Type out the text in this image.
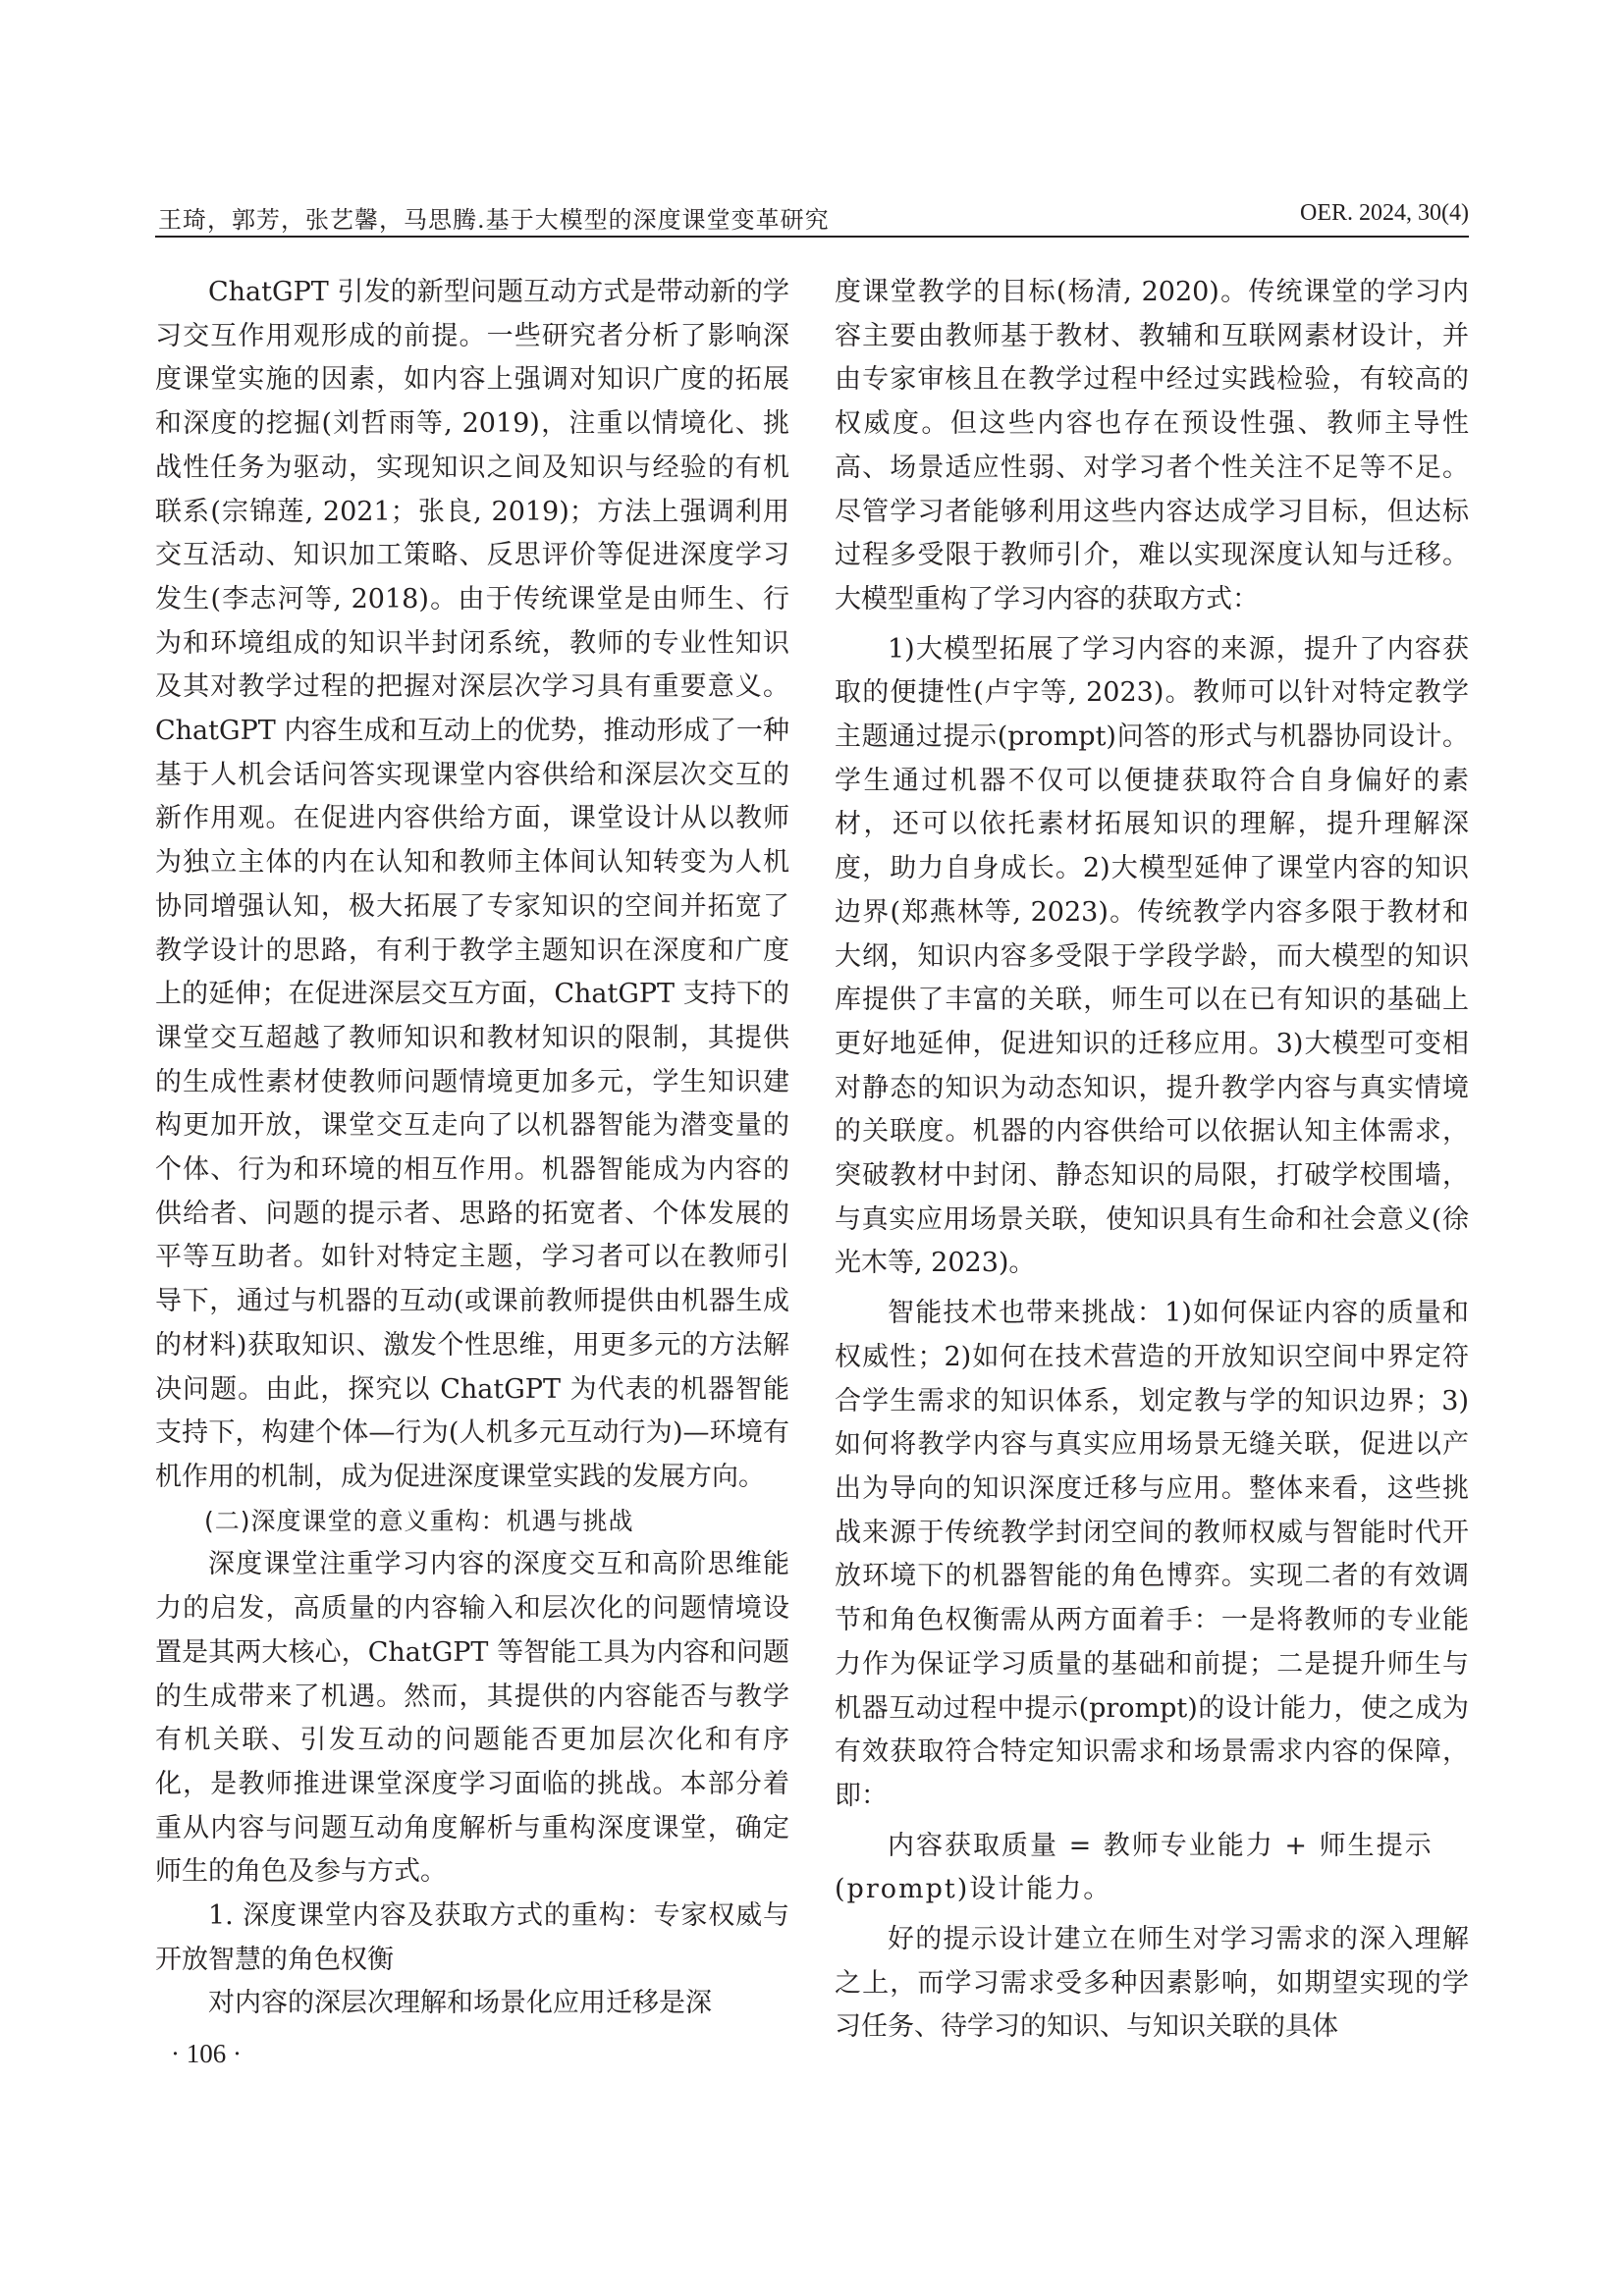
王琦，郭芳，张艺馨，马思腾.基于大模型的深度课堂变革研究	OER. 2024, 30(4)

ChatGPT 引发的新型问题互动方式是带动新的学习交互作用观形成的前提。一些研究者分析了影响深度课堂实施的因素，如内容上强调对知识广度的拓展和深度的挖掘(刘哲雨等, 2019)，注重以情境化、挑战性任务为驱动，实现知识之间及知识与经验的有机联系(宗锦莲, 2021；张良, 2019)；方法上强调利用交互活动、知识加工策略、反思评价等促进深度学习发生(李志河等, 2018)。由于传统课堂是由师生、行为和环境组成的知识半封闭系统，教师的专业性知识及其对教学过程的把握对深层次学习具有重要意义。ChatGPT 内容生成和互动上的优势，推动形成了一种基于人机会话问答实现课堂内容供给和深层次交互的新作用观。在促进内容供给方面，课堂设计从以教师为独立主体的内在认知和教师主体间认知转变为人机协同增强认知，极大拓展了专家知识的空间并拓宽了教学设计的思路，有利于教学主题知识在深度和广度上的延伸；在促进深层交互方面，ChatGPT 支持下的课堂交互超越了教师知识和教材知识的限制，其提供的生成性素材使教师问题情境更加多元，学生知识建构更加开放，课堂交互走向了以机器智能为潜变量的个体、行为和环境的相互作用。机器智能成为内容的供给者、问题的提示者、思路的拓宽者、个体发展的平等互助者。如针对特定主题，学习者可以在教师引导下，通过与机器的互动(或课前教师提供由机器生成的材料)获取知识、激发个性思维，用更多元的方法解决问题。由此，探究以 ChatGPT 为代表的机器智能支持下，构建个体—行为(人机多元互动行为)—环境有机作用的机制，成为促进深度课堂实践的发展方向。

(二)深度课堂的意义重构：机遇与挑战

深度课堂注重学习内容的深度交互和高阶思维能力的启发，高质量的内容输入和层次化的问题情境设置是其两大核心，ChatGPT 等智能工具为内容和问题的生成带来了机遇。然而，其提供的内容能否与教学有机关联、引发互动的问题能否更加层次化和有序化，是教师推进课堂深度学习面临的挑战。本部分着重从内容与问题互动角度解析与重构深度课堂，确定师生的角色及参与方式。

1. 深度课堂内容及获取方式的重构：专家权威与开放智慧的角色权衡

对内容的深层次理解和场景化应用迁移是深

度课堂教学的目标(杨清, 2020)。传统课堂的学习内容主要由教师基于教材、教辅和互联网素材设计，并由专家审核且在教学过程中经过实践检验，有较高的权威度。但这些内容也存在预设性强、教师主导性高、场景适应性弱、对学习者个性关注不足等不足。尽管学习者能够利用这些内容达成学习目标，但达标过程多受限于教师引介，难以实现深度认知与迁移。大模型重构了学习内容的获取方式：

1)大模型拓展了学习内容的来源，提升了内容获取的便捷性(卢宇等, 2023)。教师可以针对特定教学主题通过提示(prompt)问答的形式与机器协同设计。学生通过机器不仅可以便捷获取符合自身偏好的素材，还可以依托素材拓展知识的理解，提升理解深度，助力自身成长。2)大模型延伸了课堂内容的知识边界(郑燕林等, 2023)。传统教学内容多限于教材和大纲，知识内容多受限于学段学龄，而大模型的知识库提供了丰富的关联，师生可以在已有知识的基础上更好地延伸，促进知识的迁移应用。3)大模型可变相对静态的知识为动态知识，提升教学内容与真实情境的关联度。机器的内容供给可以依据认知主体需求，突破教材中封闭、静态知识的局限，打破学校围墙，与真实应用场景关联，使知识具有生命和社会意义(徐光木等, 2023)。

智能技术也带来挑战：1)如何保证内容的质量和权威性；2)如何在技术营造的开放知识空间中界定符合学生需求的知识体系，划定教与学的知识边界；3)如何将教学内容与真实应用场景无缝关联，促进以产出为导向的知识深度迁移与应用。整体来看，这些挑战来源于传统教学封闭空间的教师权威与智能时代开放环境下的机器智能的角色博弈。实现二者的有效调节和角色权衡需从两方面着手：一是将教师的专业能力作为保证学习质量的基础和前提；二是提升师生与机器互动过程中提示(prompt)的设计能力，使之成为有效获取符合特定知识需求和场景需求内容的保障，即：

内容获取质量 = 教师专业能力 + 师生提示(prompt)设计能力。

好的提示设计建立在师生对学习需求的深入理解之上，而学习需求受多种因素影响，如期望实现的学习任务、待学习的知识、与知识关联的具体

· 106 ·
